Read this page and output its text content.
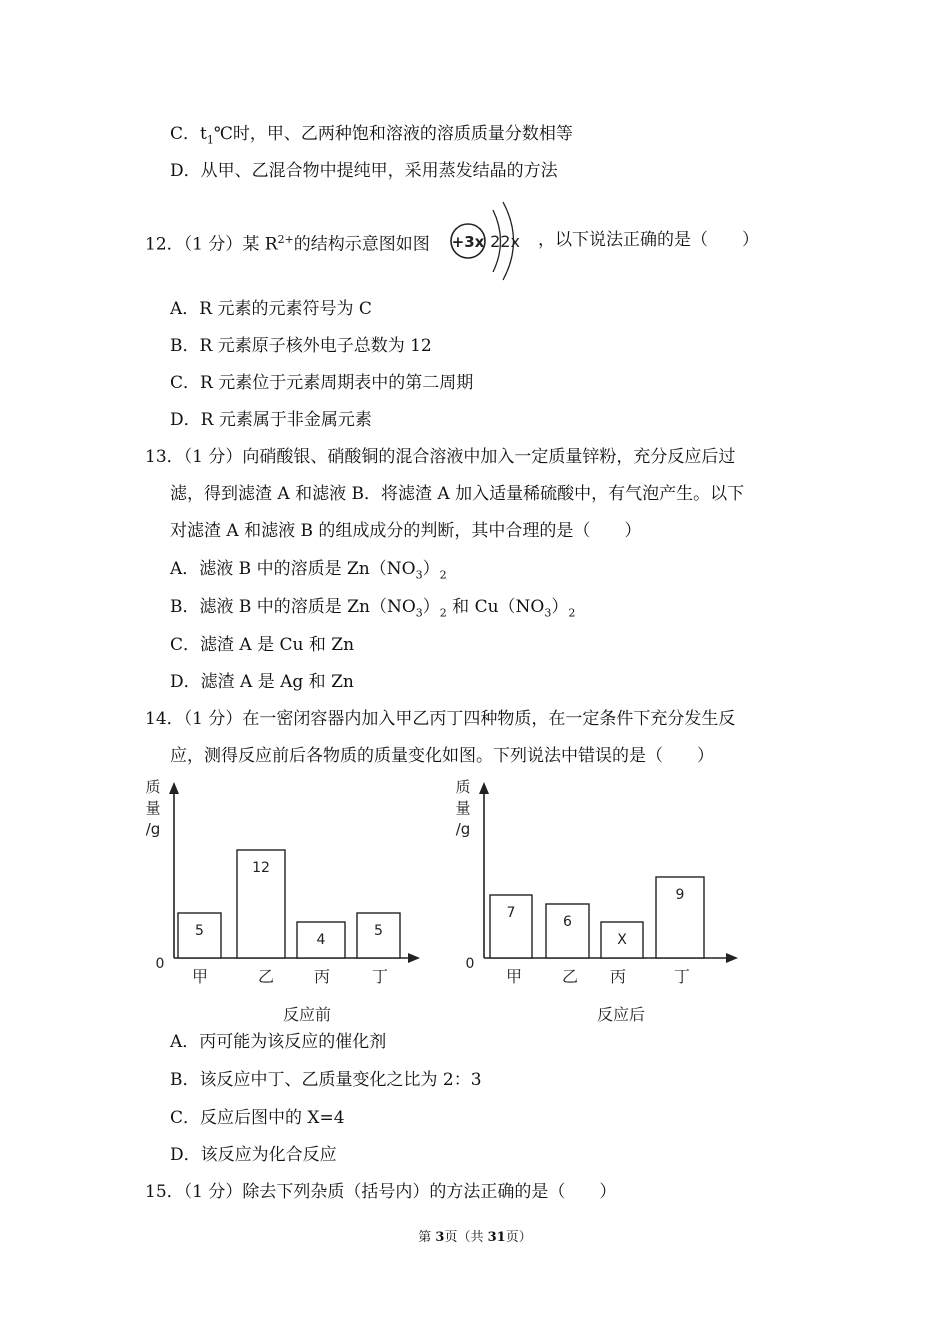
C．$t_1℃$时，甲、乙两种饱和溶液的溶质质量分数相等
D．从甲、乙混合物中提纯甲，采用蒸发结晶的方法
12．（1 分）某 $R^{2+}$的结构示意图如图 +3x 22x ，以下说法正确的是（　　）
A．R 元素的元素符号为 C
B．R 元素原子核外电子总数为 12
C．R 元素位于元素周期表中的第二周期
D．R 元素属于非金属元素
13．（1 分）向硝酸银、硝酸铜的混合溶液中加入一定质量锌粉，充分反应后过
滤，得到滤渣 A 和滤液 B．将滤渣 A 加入适量稀硫酸中，有气泡产生。以下
对滤渣 A 和滤液 B 的组成成分的判断，其中合理的是（　　）
A．滤液 B 中的溶质是 $Zn(NO_3)_2$
B．滤液 B 中的溶质是 $Zn(NO_3)_2$ 和 $Cu(NO_3)_2$
C．滤渣 A 是 Cu 和 Zn
D．滤渣 A 是 Ag 和 Zn
14．（1 分）在一密闭容器内加入甲乙丙丁四种物质，在一定条件下充分发生反
应，测得反应前后各物质的质量变化如图。下列说法中错误的是（　　）
质
量
/g
0
5
甲
12
乙
4
丙
5
丁
反应前
质
量
/g
0
7
甲
6
乙
X
丙
9
丁
反应后
A．丙可能为该反应的催化剂
B．该反应中丁、乙质量变化之比为 2：3
C．反应后图中的 X=4
D．该反应为化合反应
15．（1 分）除去下列杂质（括号内）的方法正确的是（　　）
第 3页（共 31页）
